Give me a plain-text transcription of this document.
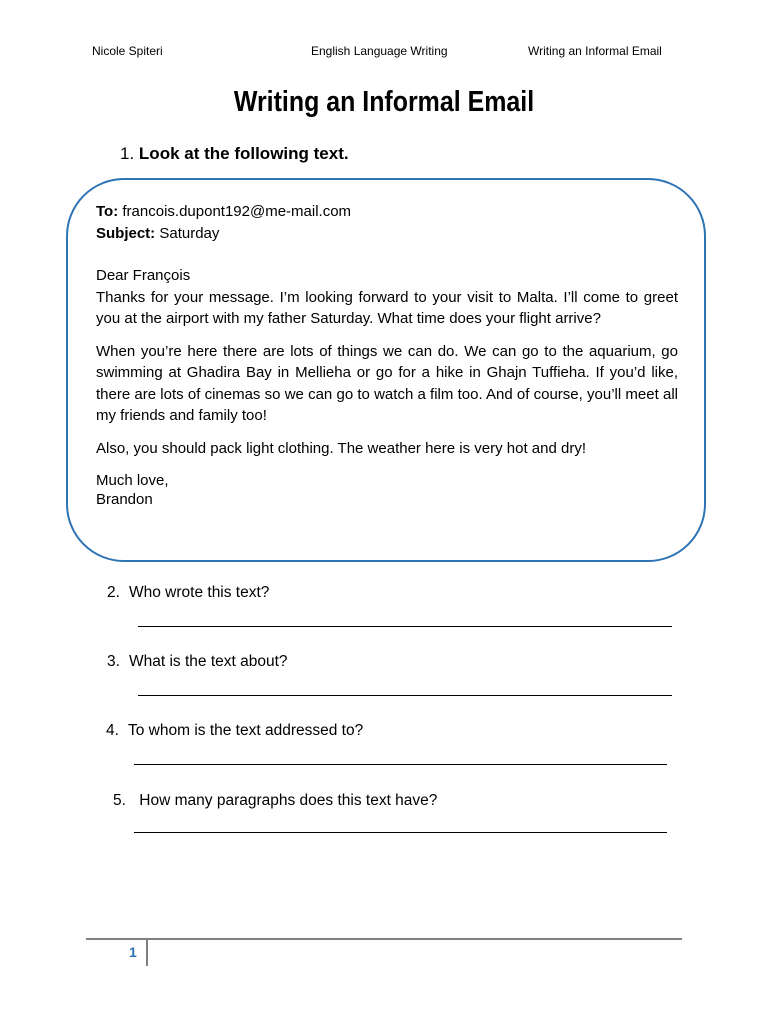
Nicole Spiteri	English Language Writing	Writing an Informal Email
Writing an Informal Email
1. Look at the following text.

To: francois.dupont192@me-mail.com

Subject: Saturday

Dear François

Thanks for your message. I’m looking forward to your visit to Malta. I’ll come to greet you at the airport with my father Saturday. What time does your flight arrive?

When you’re here there are lots of things we can do. We can go to the aquarium, go swimming at Ghadira Bay in Mellieha or go for a hike in Ghajn Tuffieha. If you’d like, there are lots of cinemas so we can go to watch a film too. And of course, you’ll meet all my friends and family too!

Also, you should pack light clothing. The weather here is very hot and dry!

Much love,

Brandon

2. Who wrote this text?
3. What is the text about?
4. To whom is the text addressed to?
5. How many paragraphs does this text have?
1
